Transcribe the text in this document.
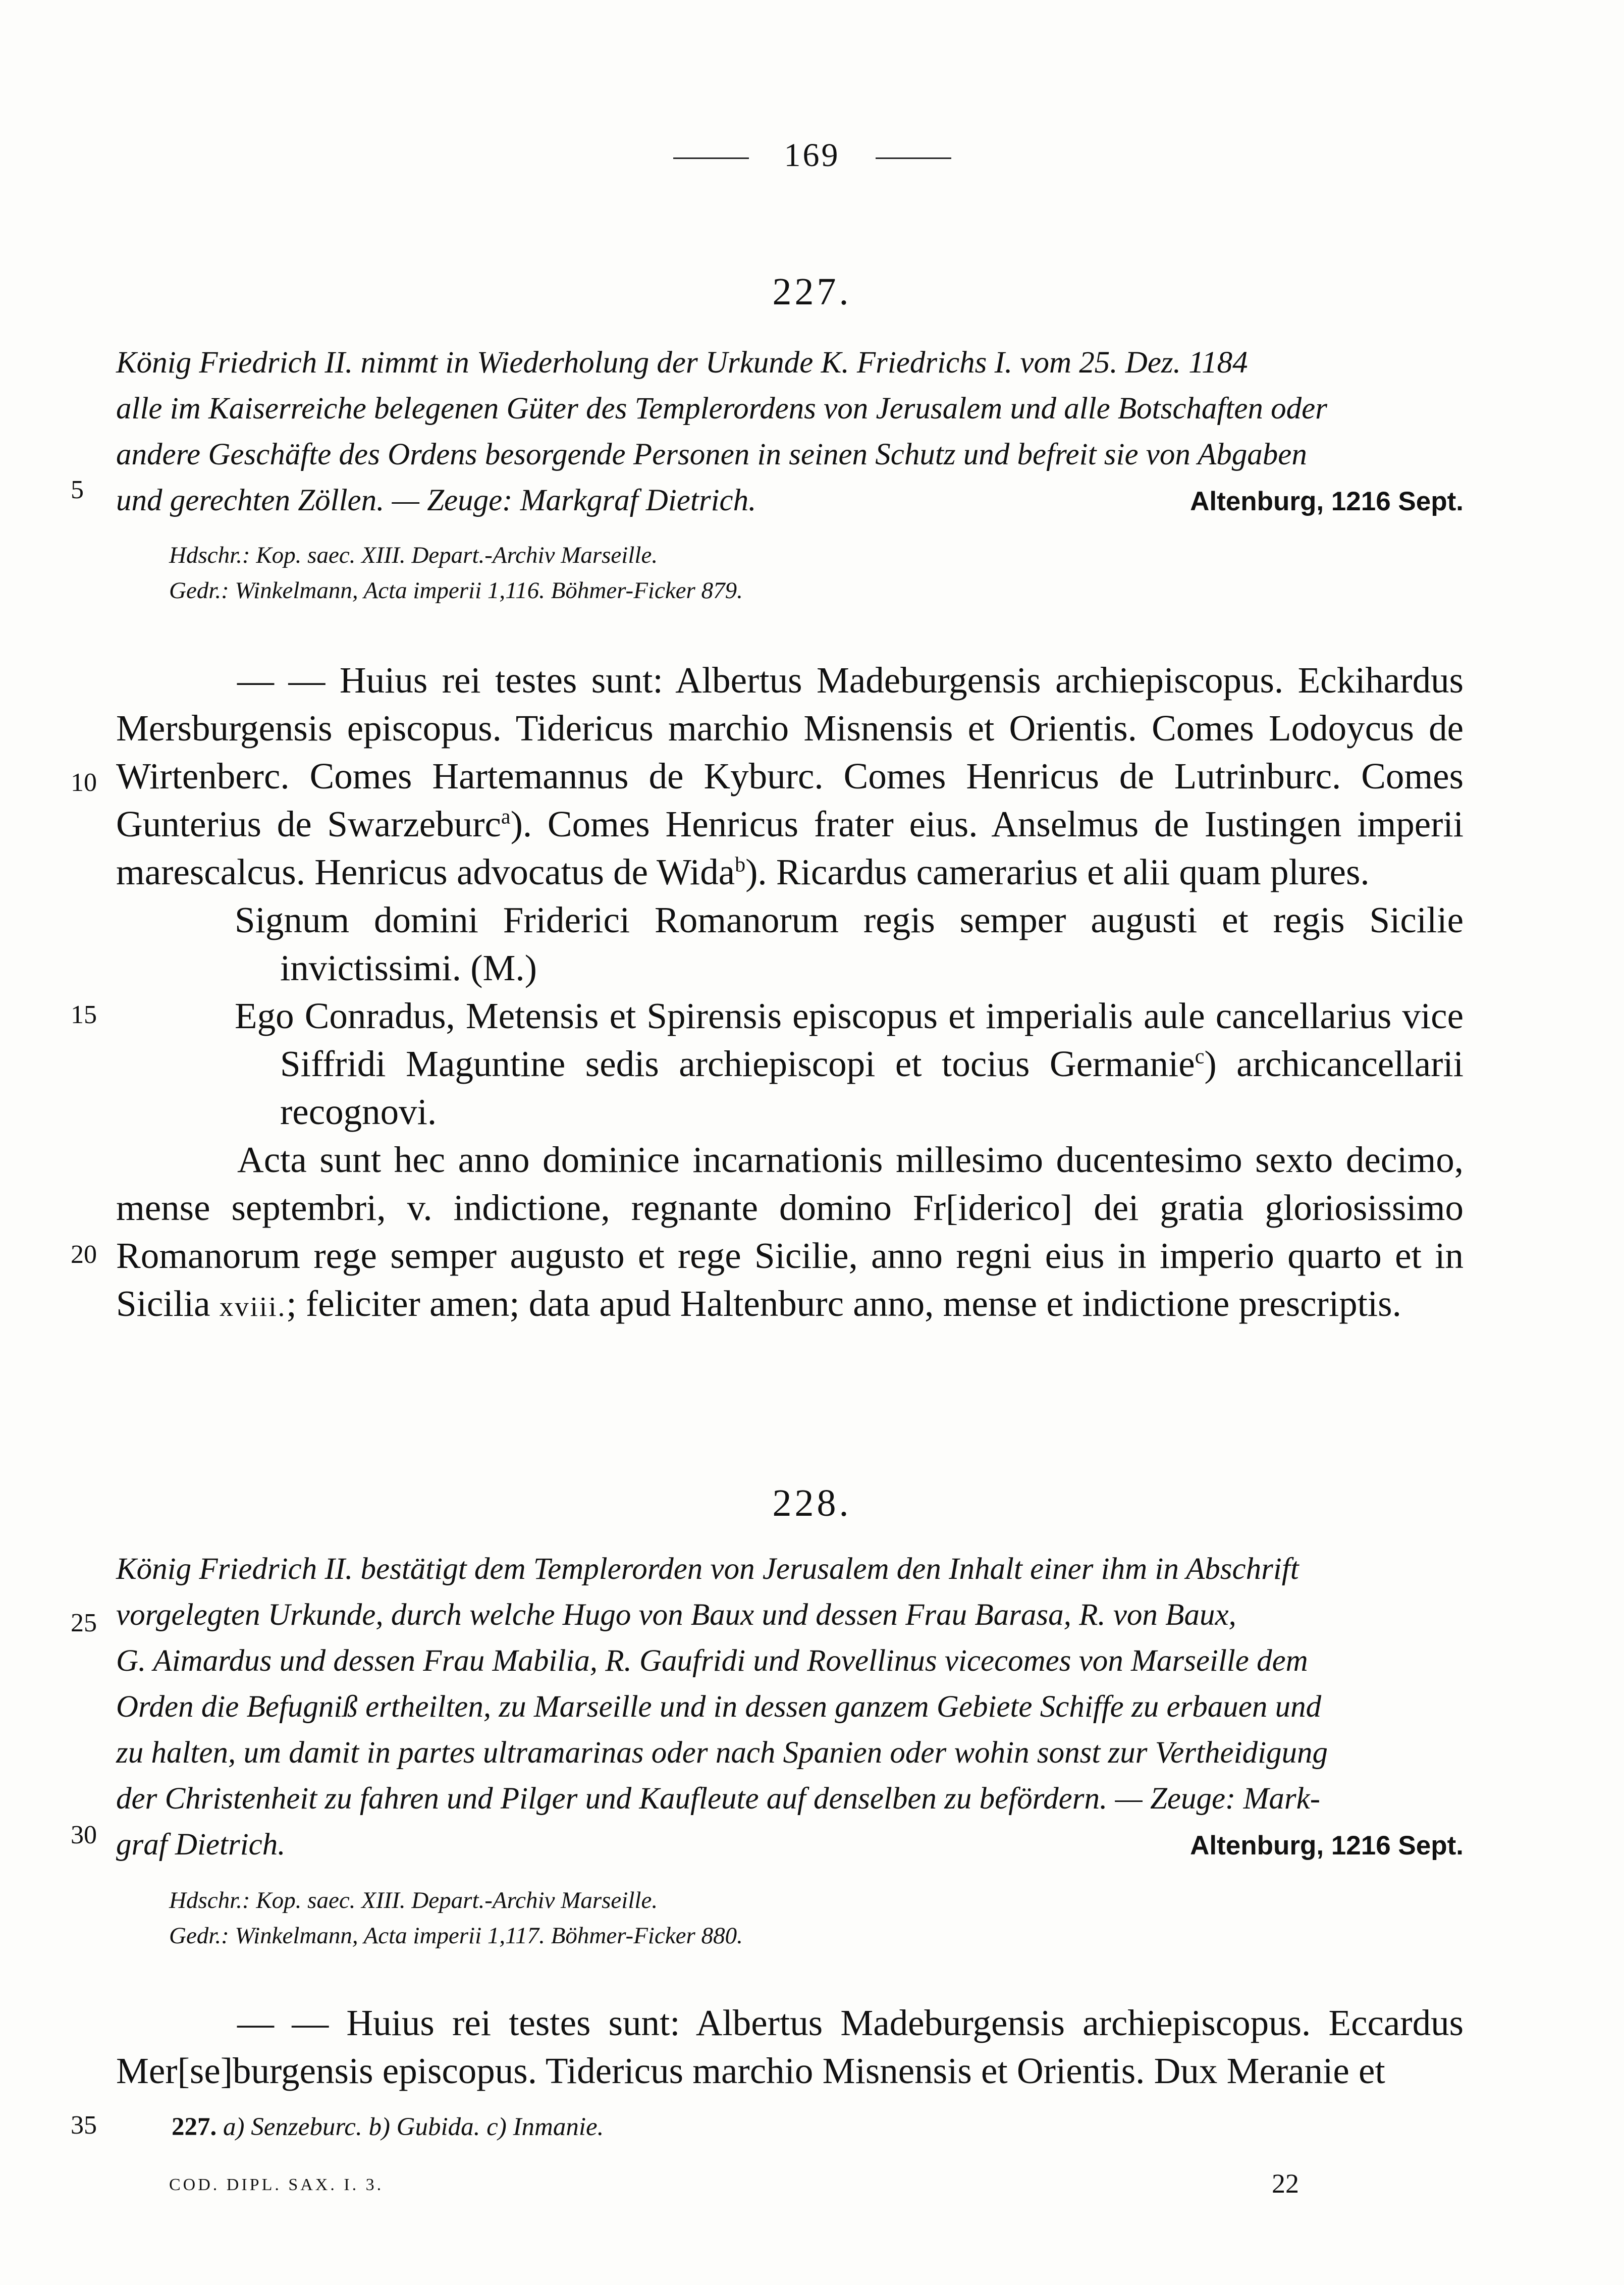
169
227.
König Friedrich II. nimmt in Wiederholung der Urkunde K. Friedrichs I. vom 25. Dez. 1184
alle im Kaiserreiche belegenen Güter des Templerordens von Jerusalem und alle Botschaften oder
andere Geschäfte des Ordens besorgende Personen in seinen Schutz und befreit sie von Abgaben
und gerechten Zöllen. — Zeuge: Markgraf Dietrich.	Altenburg, 1216 Sept.
Hdschr.: Kop. saec. XIII. Depart.-Archiv Marseille.
Gedr.: Winkelmann, Acta imperii 1,116. Böhmer-Ficker 879.

— — Huius rei testes sunt: Albertus Madeburgensis archiepiscopus. Eckihardus Mersburgensis episcopus. Tidericus marchio Misnensis et Orientis. Comes Lodoycus de Wirtenberc. Comes Hartemannus de Kyburc. Comes Henricus de Lutrinburc. Comes Gunterius de Swarzeburc$^a$). Comes Henricus frater eius. Anselmus de Iustingen imperii marescalcus. Henricus advocatus de Wida$^b$). Ricardus camerarius et alii quam plures.

Signum domini Friderici Romanorum regis semper augusti et regis Sicilie invictissimi. (M.)

Ego Conradus, Metensis et Spirensis episcopus et imperialis aule cancellarius vice Siffridi Maguntine sedis archiepiscopi et tocius Germanie$^c$) archicancellarii recognovi.

Acta sunt hec anno dominice incarnationis millesimo ducentesimo sexto decimo, mense septembri, v. indictione, regnante domino Fr[iderico] dei gratia gloriosissimo Romanorum rege semper augusto et rege Sicilie, anno regni eius in imperio quarto et in Sicilia xviii.; feliciter amen; data apud Haltenburc anno, mense et indictione prescriptis.

228.
König Friedrich II. bestätigt dem Templerorden von Jerusalem den Inhalt einer ihm in Abschrift
vorgelegten Urkunde, durch welche Hugo von Baux und dessen Frau Barasa, R. von Baux,
G. Aimardus und dessen Frau Mabilia, R. Gaufridi und Rovellinus vicecomes von Marseille dem
Orden die Befugniß ertheilten, zu Marseille und in dessen ganzem Gebiete Schiffe zu erbauen und
zu halten, um damit in partes ultramarinas oder nach Spanien oder wohin sonst zur Vertheidigung
der Christenheit zu fahren und Pilger und Kaufleute auf denselben zu befördern. — Zeuge: Mark-
graf Dietrich.	Altenburg, 1216 Sept.
Hdschr.: Kop. saec. XIII. Depart.-Archiv Marseille.
Gedr.: Winkelmann, Acta imperii 1,117. Böhmer-Ficker 880.

— — Huius rei testes sunt: Albertus Madeburgensis archiepiscopus. Eccardus Mer[se]burgensis episcopus. Tidericus marchio Misnensis et Orientis. Dux Meranie et

5
10
15
20
25
30
35	227. a) Senzeburc. b) Gubida. c) Inmanie.
COD. DIPL. SAX. I. 3.	22
